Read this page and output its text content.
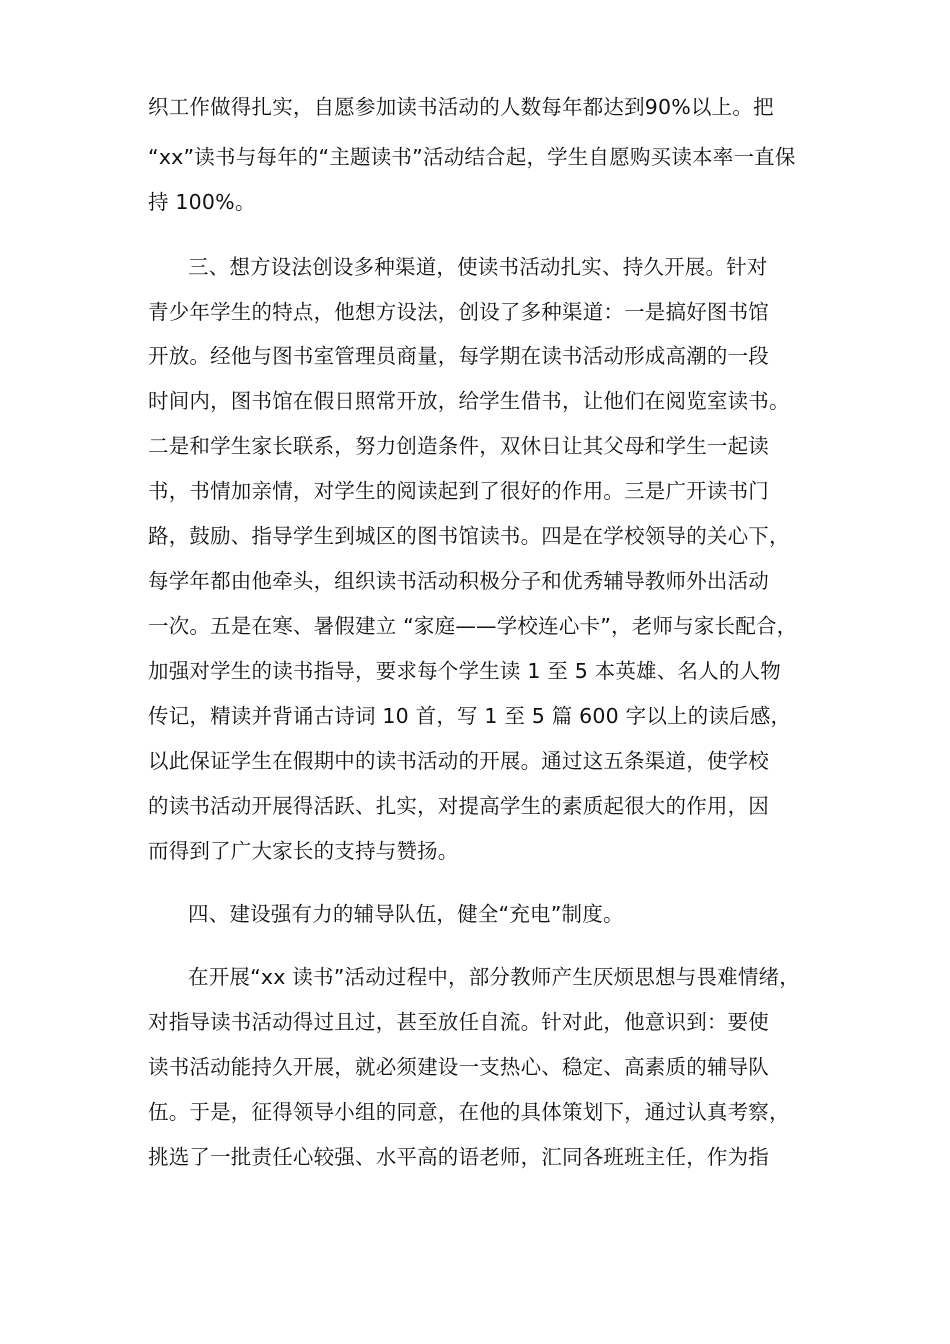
织工作做得扎实，自愿参加读书活动的人数每年都达到90%以上。把
“xx”读书与每年的“主题读书”活动结合起，学生自愿购买读本率一直保
持 100%。
三、想方设法创设多种渠道，使读书活动扎实、持久开展。针对
青少年学生的特点，他想方设法，创设了多种渠道：一是搞好图书馆
开放。经他与图书室管理员商量，每学期在读书活动形成高潮的一段
时间内，图书馆在假日照常开放，给学生借书，让他们在阅览室读书。
二是和学生家长联系，努力创造条件，双休日让其父母和学生一起读
书，书情加亲情，对学生的阅读起到了很好的作用。三是广开读书门
路，鼓励、指导学生到城区的图书馆读书。四是在学校领导的关心下，
每学年都由他牵头，组织读书活动积极分子和优秀辅导教师外出活动
一次。五是在寒、暑假建立 “家庭——学校连心卡”，老师与家长配合，
加强对学生的读书指导，要求每个学生读 1 至 5 本英雄、名人的人物
传记，精读并背诵古诗词 10 首，写 1 至 5 篇 600 字以上的读后感，
以此保证学生在假期中的读书活动的开展。通过这五条渠道，使学校
的读书活动开展得活跃、扎实，对提高学生的素质起很大的作用，因
而得到了广大家长的支持与赞扬。
四、建设强有力的辅导队伍，健全“充电”制度。
在开展“xx 读书”活动过程中，部分教师产生厌烦思想与畏难情绪，
对指导读书活动得过且过，甚至放任自流。针对此，他意识到：要使
读书活动能持久开展，就必须建设一支热心、稳定、高素质的辅导队
伍。于是，征得领导小组的同意，在他的具体策划下，通过认真考察，
挑选了一批责任心较强、水平高的语老师，汇同各班班主任，作为指
